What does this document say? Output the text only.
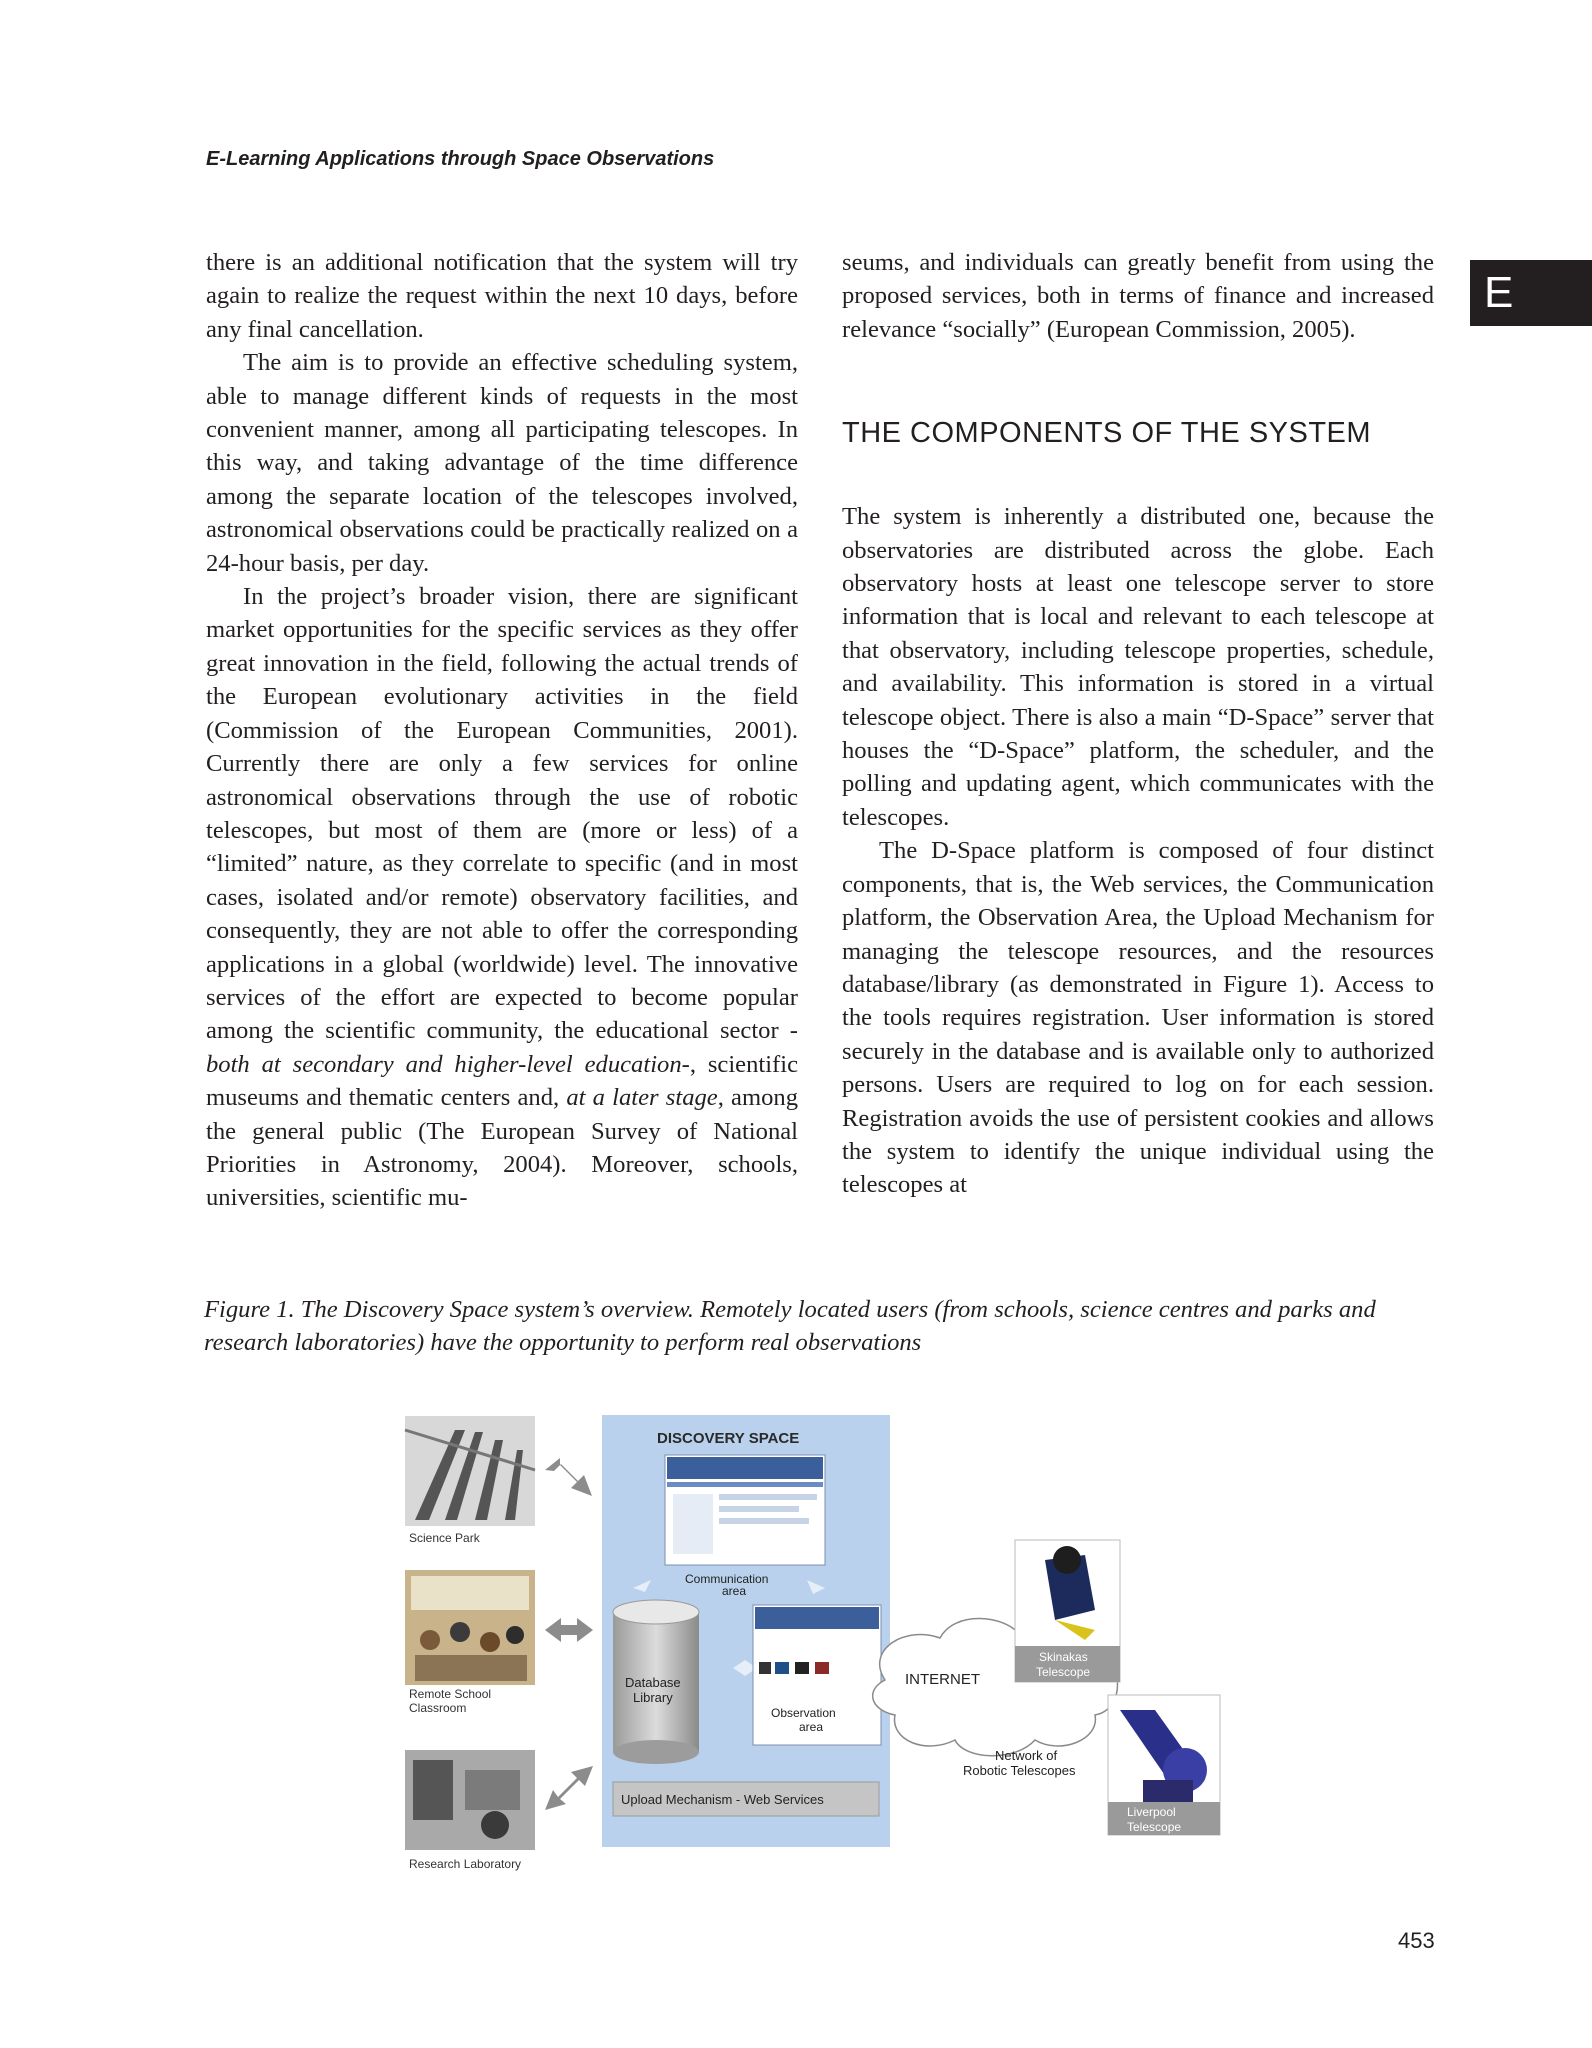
E-Learning Applications through Space Observations
E

there is an additional notification that the system will try again to realize the request within the next 10 days, before any final cancellation.

The aim is to provide an effective scheduling system, able to manage different kinds of requests in the most convenient manner, among all participating telescopes. In this way, and taking advantage of the time difference among the separate location of the telescopes involved, astronomical observations could be practically realized on a 24-hour basis, per day.

In the project’s broader vision, there are significant market opportunities for the specific services as they offer great innovation in the field, following the actual trends of the European evolutionary activities in the field (Commission of the European Communities, 2001). Currently there are only a few services for online astronomical observations through the use of robotic telescopes, but most of them are (more or less) of a “limited” nature, as they correlate to specific (and in most cases, isolated and/or remote) observatory facilities, and consequently, they are not able to offer the corresponding applications in a global (worldwide) level. The innovative services of the effort are expected to become popular among the scientific community, the educational sector -both at secondary and higher-level education-, scientific museums and thematic centers and, at a later stage, among the general public (The European Survey of National Priorities in Astronomy, 2004). Moreover, schools, universities, scientific mu-

seums, and individuals can greatly benefit from using the proposed services, both in terms of finance and increased relevance “socially” (European Commission, 2005).

THE COMPONENTS OF THE SYSTEM

The system is inherently a distributed one, because the observatories are distributed across the globe. Each observatory hosts at least one telescope server to store information that is local and relevant to each telescope at that observatory, including telescope properties, schedule, and availability. This information is stored in a virtual telescope object. There is also a main “D-Space” server that houses the “D-Space” platform, the scheduler, and the polling and updating agent, which communicates with the telescopes.

The D-Space platform is composed of four distinct components, that is, the Web services, the Communication platform, the Observation Area, the Upload Mechanism for managing the telescope resources, and the resources database/library (as demonstrated in Figure 1). Access to the tools requires registration. User information is stored securely in the database and is available only to authorized persons. Users are required to log on for each session. Registration avoids the use of persistent cookies and allows the system to identify the unique individual using the telescopes at

Figure 1. The Discovery Space system’s overview. Remotely located users (from schools, science centres and parks and research laboratories) have the opportunity to perform real observations
DISCOVERY SPACE
Science Park
Remote School
Classroom
Research Laboratory
Communication
area
Database
Library
Observation
area
Upload Mechanism - Web Services
INTERNET
Network of
Robotic Telescopes
Skinakas
Telescope
Liverpool
Telescope
453
